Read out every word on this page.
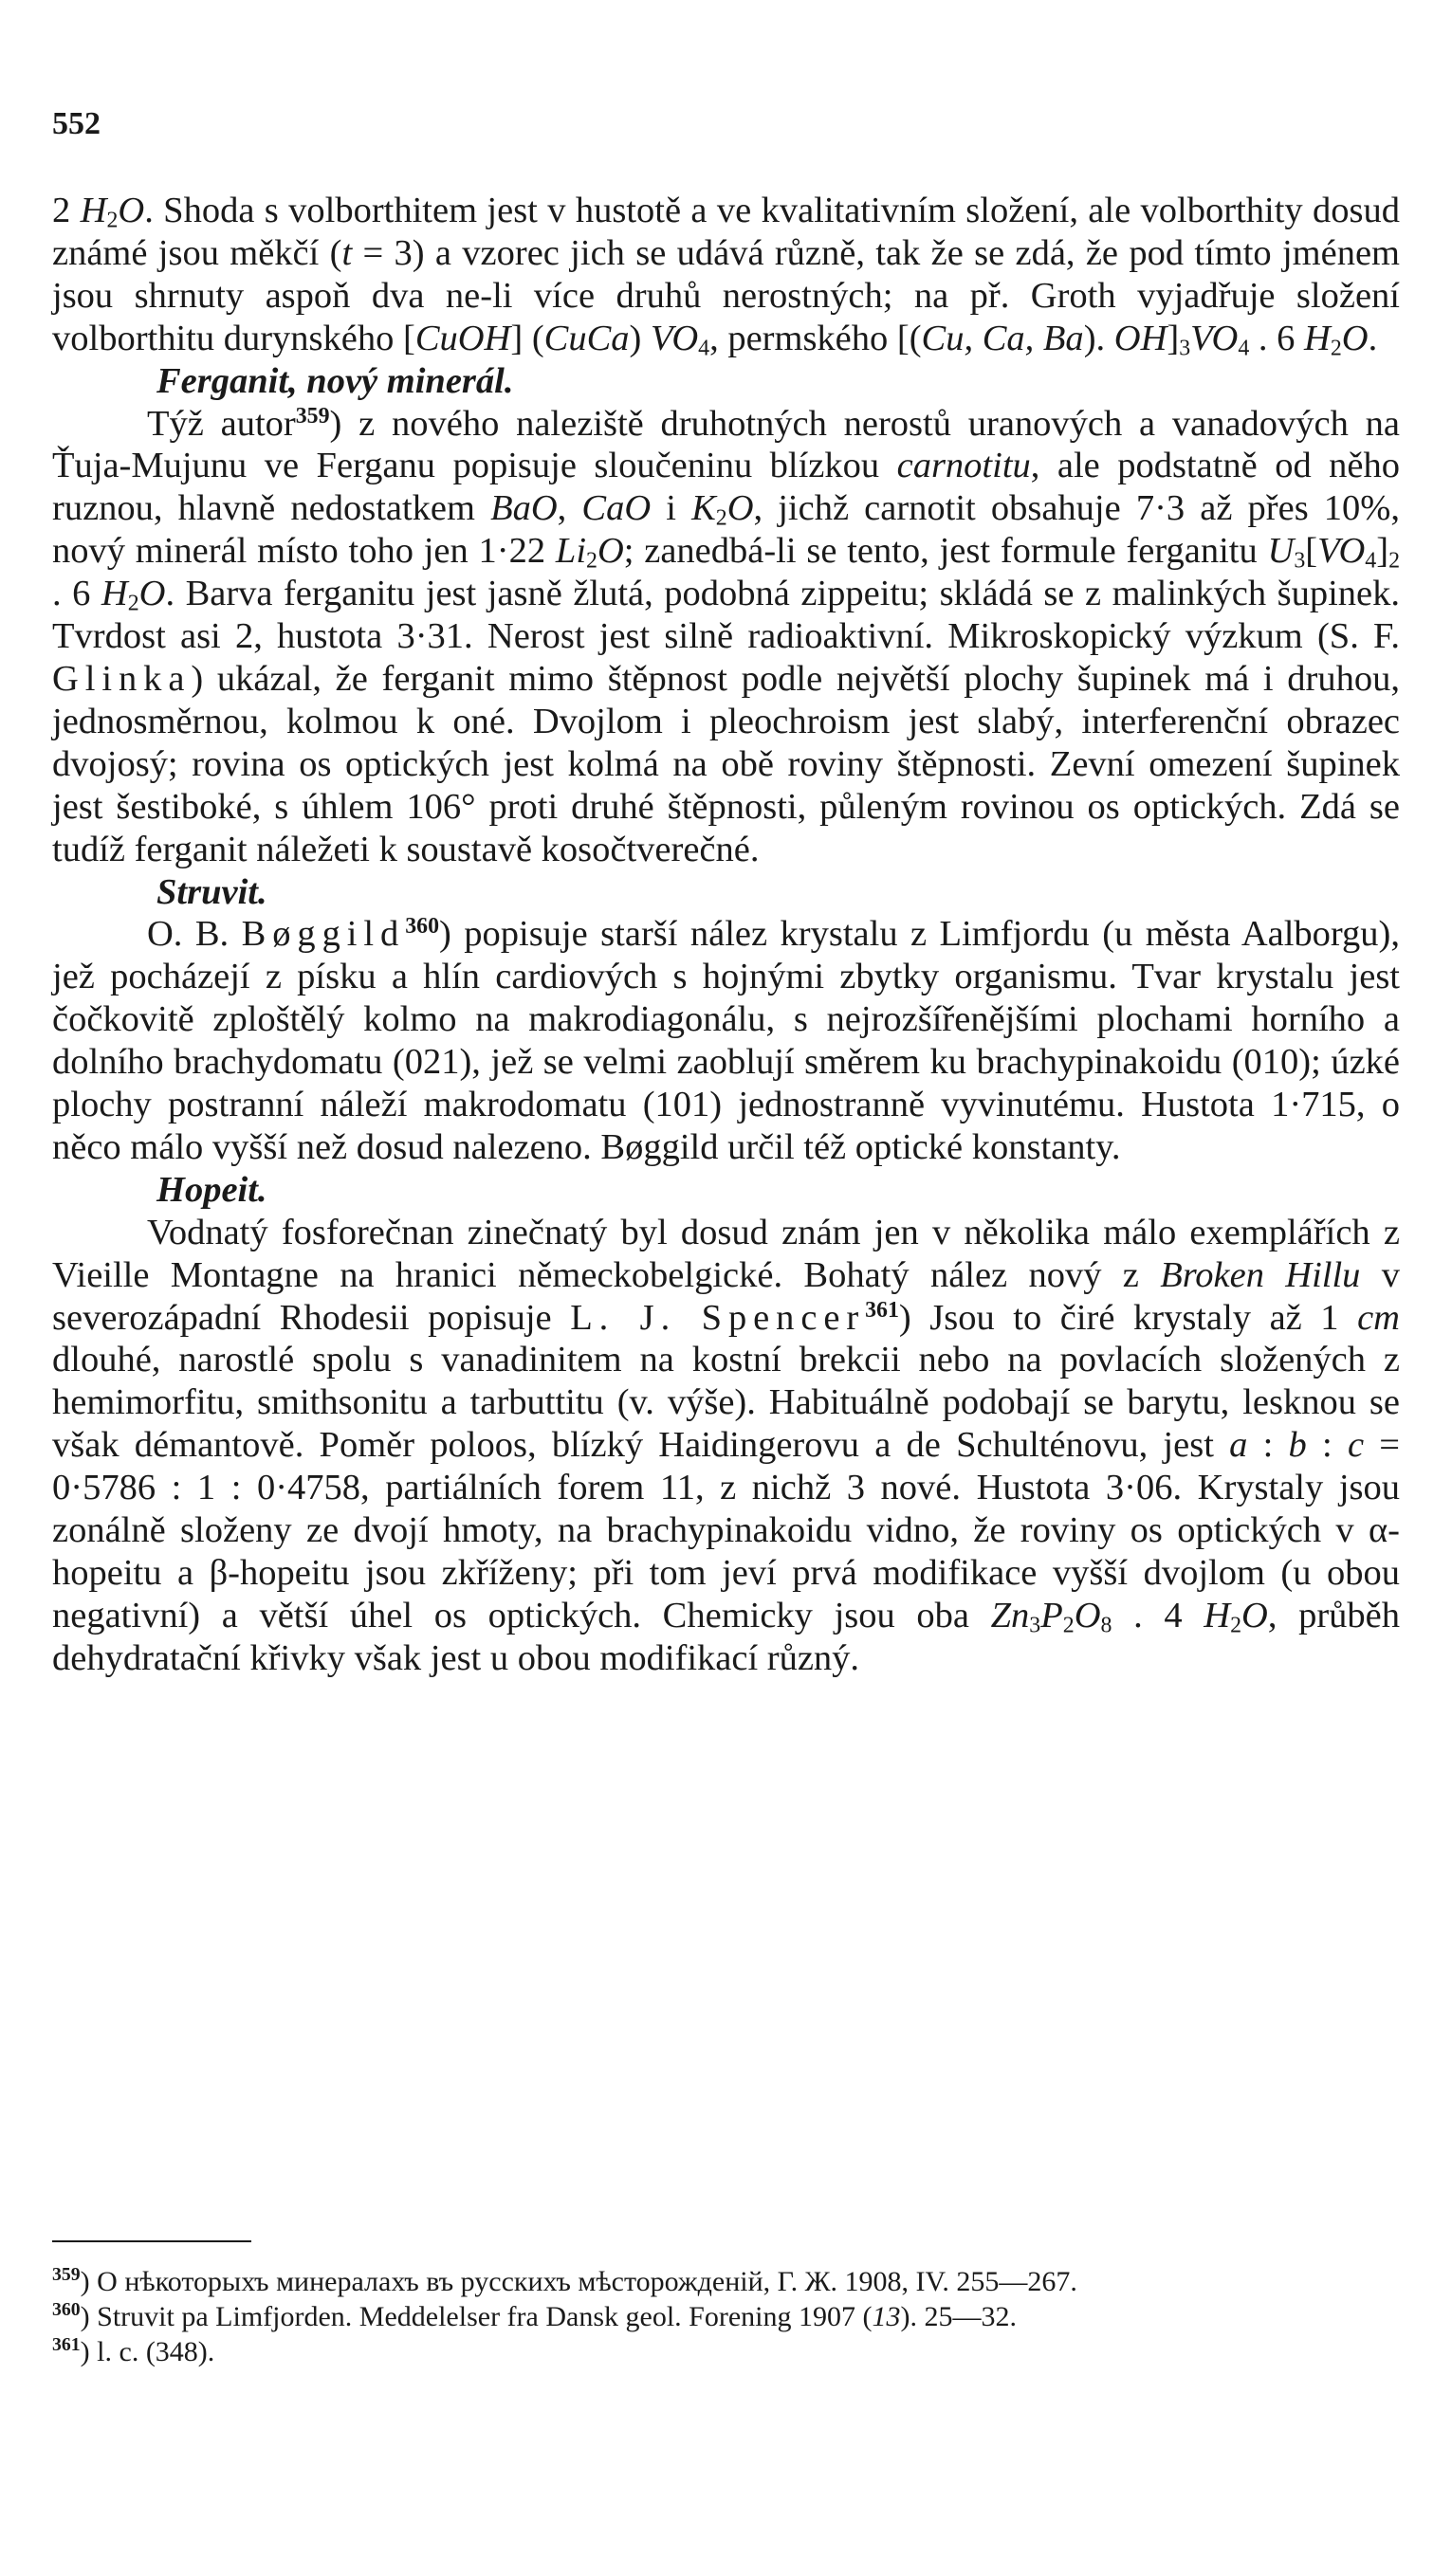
552

2 $H_2O$. Shoda s volborthitem jest v hustotě a ve kvalitativním složení, ale volborthity dosud známé jsou měkčí (t = 3) a vzorec jich se udává různě, tak že se zdá, že pod tímto jménem jsou shrnuty aspoň dva ne-li více druhů nerostných; na př. Groth vyjadřuje složení volborthitu durynského [CuOH] (CuCa) $VO_4$, permského [(Cu, Ca, Ba). $OH]_3VO_4$ . 6 $H_2O$.

Ferganit, nový minerál.

Týž autor$^{359}$) z nového naleziště druhotných nerostů uranových a vanadových na Ťuja-Mujunu ve Ferganu popisuje sloučeninu blízkou carnotitu, ale podstatně od něho ruznou, hlavně nedostatkem BaO, CaO i $K_2O$, jichž carnotit obsahuje 7·3 až přes 10%, nový minerál místo toho jen 1·22 $Li_2O$; zanedbá-li se tento, jest formule ferganitu $U_3[VO_4]_2$ . 6 $H_2O$. Barva ferganitu jest jasně žlutá, podobná zippeitu; skládá se z malinkých šupinek. Tvrdost asi 2, hustota 3·31. Nerost jest silně radioaktivní. Mikroskopický výzkum (S. F. Glinka) ukázal, že ferganit mimo štěpnost podle největší plochy šupinek má i druhou, jednosměrnou, kolmou k oné. Dvojlom i pleochroism jest slabý, interferenční obrazec dvojosý; rovina os optických jest kolmá na obě roviny štěpnosti. Zevní omezení šupinek jest šestiboké, s úhlem 106° proti druhé štěpnosti, půleným rovinou os optických. Zdá se tudíž ferganit náležeti k soustavě kosočtverečné.

Struvit.

O. B. Bøggild$^{360}$) popisuje starší nález krystalu z Limfjordu (u města Aalborgu), jež pocházejí z písku a hlín cardiových s hojnými zbytky organismu. Tvar krystalu jest čočkovitě zploštělý kolmo na makrodiagonálu, s nejrozšířenějšími plochami horního a dolního brachydomatu (021), jež se velmi zaoblují směrem ku brachypinakoidu (010); úzké plochy postranní náleží makrodomatu (101) jednostranně vyvinutému. Hustota 1·715, o něco málo vyšší než dosud nalezeno. Bøggild určil též optické konstanty.

Hopeit.

Vodnatý fosforečnan zinečnatý byl dosud znám jen v několika málo exemplářích z Vieille Montagne na hranici německobelgické. Bohatý nález nový z Broken Hillu v severozápadní Rhodesii popisuje L. J. Spencer$^{361}$) Jsou to čiré krystaly až 1 cm dlouhé, narostlé spolu s vanadinitem na kostní brekcii nebo na povlacích složených z hemimorfitu, smithsonitu a tarbuttitu (v. výše). Habituálně podobají se barytu, lesknou se však démantově. Poměr poloos, blízký Haidingerovu a de Schulténovu, jest a : b : c = 0·5786 : 1 : 0·4758, partiálních forem 11, z nichž 3 nové. Hustota 3·06. Krystaly jsou zonálně složeny ze dvojí hmoty, na brachypinakoidu vidno, že roviny os optických v α-hopeitu a β-hopeitu jsou zkříženy; při tom jeví prvá modifikace vyšší dvojlom (u obou negativní) a větší úhel os optických. Chemicky jsou oba $Zn_3P_2O_8$ . 4 $H_2O$, průběh dehydratační křivky však jest u obou modifikací různý.

$^{359}$) О нѣкоторыхъ минералахъ въ русскихъ мѣсторожденій, Г. Ж. 1908, IV. 255—267.

$^{360}$) Struvit pa Limfjorden. Meddelelser fra Dansk geol. Forening 1907 (13). 25—32.

$^{361}$) l. c. (348).
